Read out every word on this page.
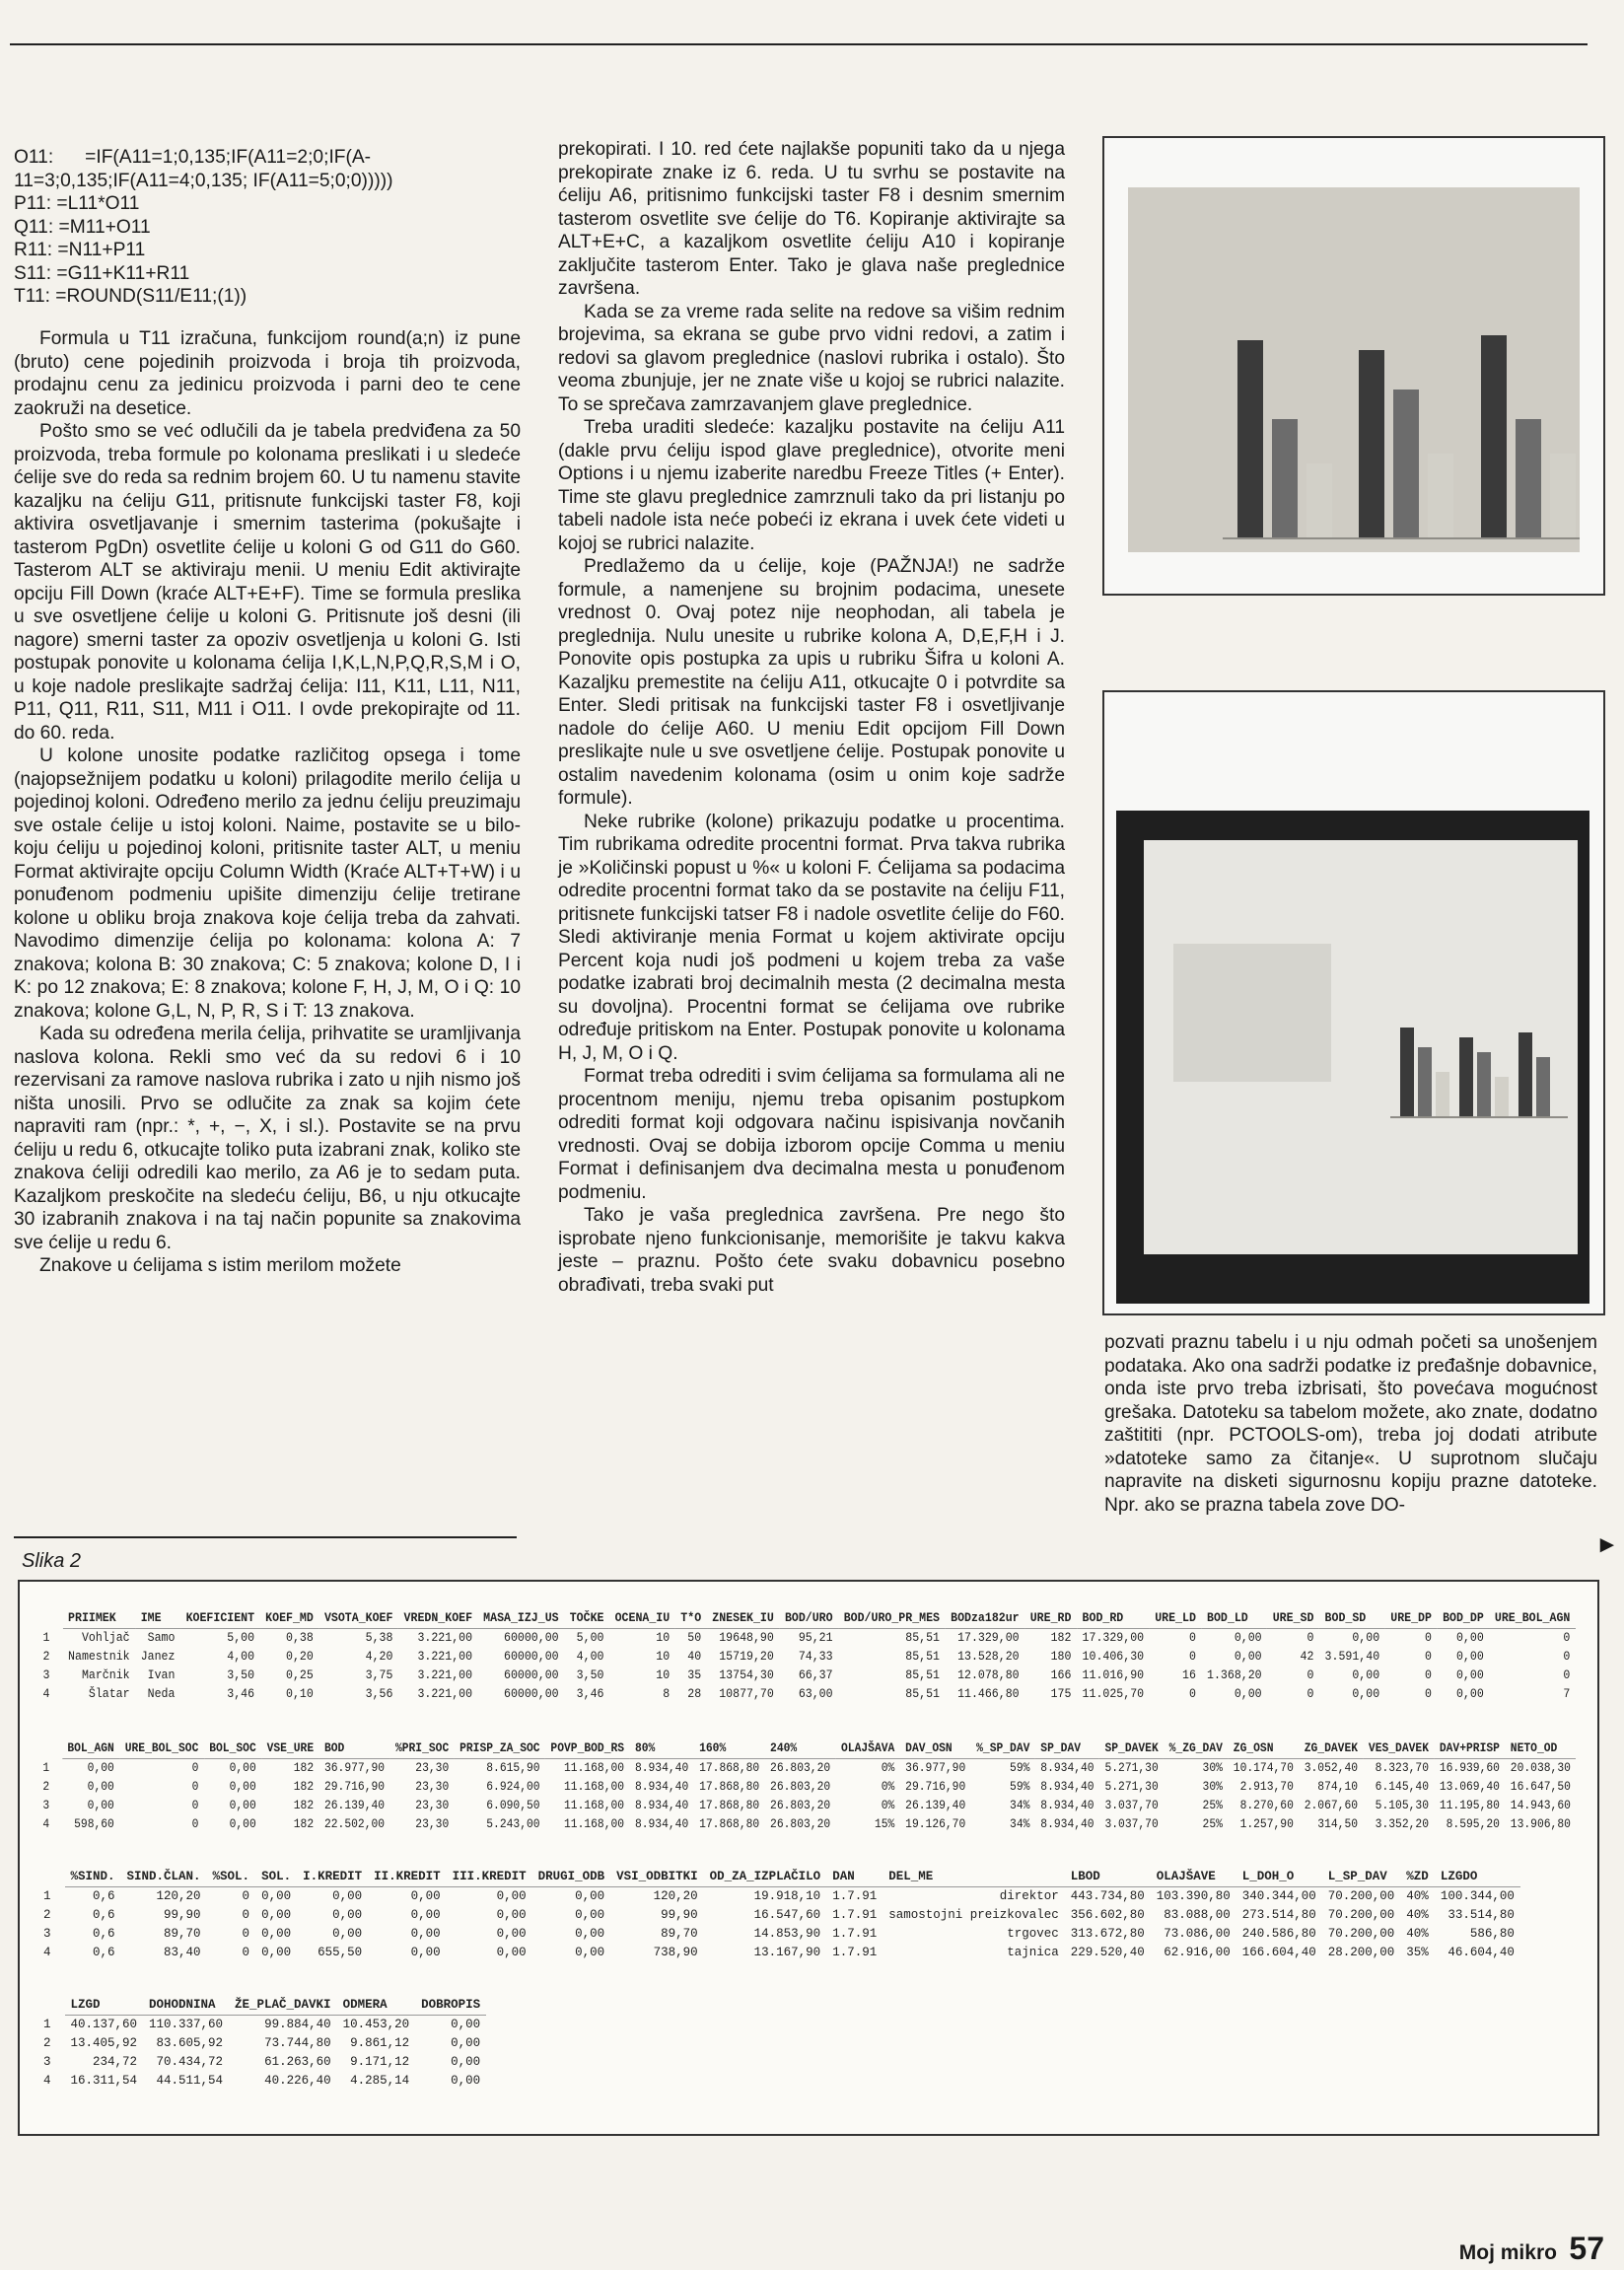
O11:      =IF(A11=1;0,135;IF(A11=2;0;IF(A-
11=3;0,135;IF(A11=4;0,135; IF(A11=5;0;0)))))
P11: =L11*O11
Q11: =M11+O11
R11: =N11+P11
S11: =G11+K11+R11
T11: =ROUND(S11/E11;(1))

Formula u T11 izračuna, funkcijom round(a;n) iz pune (bruto) cene pojedinih proizvoda i broja tih proizvoda, prodajnu cenu za jedinicu proizvoda i parni deo te cene zaokruži na desetice.

Pošto smo se već odlučili da je tabela predviđena za 50 proizvoda, treba formule po kolonama preslikati i u sledeće ćelije sve do reda sa rednim brojem 60. U tu namenu stavite kazaljku na ćeliju G11, pritisnute funkcijski taster F8, koji aktivira osvetljavanje i smernim tasterima (pokušajte i tasterom PgDn) osvetlite ćelije u koloni G od G11 do G60. Tasterom ALT se aktiviraju menii. U meniu Edit aktivirajte opciju Fill Down (kraće ALT+E+F). Time se formula preslika u sve osvetljene ćelije u koloni G. Pritisnute još desni (ili nagore) smerni taster za opoziv osvetljenja u koloni G. Isti postupak ponovite u kolonama ćelija I,K,L,N,P,Q,R,S,M i O, u koje nadole preslikajte sadržaj ćelija: I11, K11, L11, N11, P11, Q11, R11, S11, M11 i O11. I ovde prekopirajte od 11. do 60. reda.

U kolone unosite podatke različitog opsega i tome (najopsežnijem podatku u koloni) prilagodite merilo ćelija u pojedinoj koloni. Određeno merilo za jednu ćeliju preuzimaju sve ostale ćelije u istoj koloni. Naime, postavite se u bilo-koju ćeliju u pojedinoj koloni, pritisnite taster ALT, u meniu Format aktivirajte opciju Column Width (Kraće ALT+T+W) i u ponuđenom podmeniu upišite dimenziju ćelije tretirane kolone u obliku broja znakova koje ćelija treba da zahvati. Navodimo dimenzije ćelija po kolonama: kolona A: 7 znakova; kolona B: 30 znakova; C: 5 znakova; kolone D, I i K: po 12 znakova; E: 8 znakova; kolone F, H, J, M, O i Q: 10 znakova; kolone G,L, N, P, R, S i T: 13 znakova.

Kada su određena merila ćelija, prihvatite se uramljivanja naslova kolona. Rekli smo već da su redovi 6 i 10 rezervisani za ramove naslova rubrika i zato u njih nismo još ništa unosili. Prvo se odlučite za znak sa kojim ćete napraviti ram (npr.: *, +, −, X, i sl.). Postavite se na prvu ćeliju u redu 6, otkucajte toliko puta izabrani znak, koliko ste znakova ćeliji odredili kao merilo, za A6 je to sedam puta. Kazaljkom preskočite na sledeću ćeliju, B6, u nju otkucajte 30 izabranih znakova i na taj način popunite sa znakovima sve ćelije u redu 6.

Znakove u ćelijama s istim merilom možete

prekopirati. I 10. red ćete najlakše popuniti tako da u njega prekopirate znake iz 6. reda. U tu svrhu se postavite na ćeliju A6, pritisnimo funkcijski taster F8 i desnim smernim tasterom osvetlite sve ćelije do T6. Kopiranje aktivirajte sa ALT+E+C, a kazaljkom osvetlite ćeliju A10 i kopiranje zaključite tasterom Enter. Tako je glava naše preglednice završena.

Kada se za vreme rada selite na redove sa višim rednim brojevima, sa ekrana se gube prvo vidni redovi, a zatim i redovi sa glavom preglednice (naslovi rubrika i ostalo). Što veoma zbunjuje, jer ne znate više u kojoj se rubrici nalazite. To se sprečava zamrzavanjem glave preglednice.

Treba uraditi sledeće: kazaljku postavite na ćeliju A11 (dakle prvu ćeliju ispod glave preglednice), otvorite meni Options i u njemu izaberite naredbu Freeze Titles (+ Enter). Time ste glavu preglednice zamrznuli tako da pri listanju po tabeli nadole ista neće pobeći iz ekrana i uvek ćete videti u kojoj se rubrici nalazite.

Predlažemo da u ćelije, koje (PAŽNJA!) ne sadrže formule, a namenjene su brojnim podacima, unesete vrednost 0. Ovaj potez nije neophodan, ali tabela je preglednija. Nulu unesite u rubrike kolona A, D,E,F,H i J. Ponovite opis postupka za upis u rubriku Šifra u koloni A. Kazaljku premestite na ćeliju A11, otkucajte 0 i potvrdite sa Enter. Sledi pritisak na funkcijski taster F8 i osvetljivanje nadole do ćelije A60. U meniu Edit opcijom Fill Down preslikajte nule u sve osvetljene ćelije. Postupak ponovite u ostalim navedenim kolonama (osim u onim koje sadrže formule).

Neke rubrike (kolone) prikazuju podatke u procentima. Tim rubrikama odredite procentni format. Prva takva rubrika je »Količinski popust u %« u koloni F. Ćelijama sa podacima odredite procentni format tako da se postavite na ćeliju F11, pritisnete funkcijski tatser F8 i nadole osvetlite ćelije do F60. Sledi aktiviranje menia Format u kojem aktivirate opciju Percent koja nudi još podmeni u kojem treba za vaše podatke izabrati broj decimalnih mesta (2 decimalna mesta su dovoljna). Procentni format se ćelijama ove rubrike određuje pritiskom na Enter. Postupak ponovite u kolonama H, J, M, O i Q.

Format treba odrediti i svim ćelijama sa formulama ali ne procentnom meniju, njemu treba opisanim postupkom odrediti format koji odgovara načinu ispisivanja novčanih vrednosti. Ovaj se dobija izborom opcije Comma u meniu Format i definisanjem dva decimalna mesta u ponuđenom podmeniu.

Tako je vaša preglednica završena. Pre nego što isprobate njeno funkcionisanje, memorišite je takvu kakva jeste – praznu. Pošto ćete svaku dobavnicu posebno obrađivati, treba svaki put

pozvati praznu tabelu i u nju odmah početi sa unošenjem podataka. Ako ona sadrži podatke iz pređašnje dobavnice, onda iste prvo treba izbrisati, što povećava mogućnost grešaka. Datoteku sa tabelom možete, ako znate, dodatno zaštititi (npr. PCTOOLS-om), treba joj dodati atribute »datoteke samo za čitanje«. U suprotnom slučaju napravite na disketi sigurnosnu kopiju prazne datoteke. Npr. ako se prazna tabela zove DO-

►
Slika 2
	PRIIMEK	IME	KOEFICIENT	KOEF_MD	VSOTA_KOEF	VREDN_KOEF	MASA_IZJ_US	TOČKE	OCENA_IU	T*O	ZNESEK_IU	BOD/URO	BOD/URO_PR_MES	BODza182ur	URE_RD	BOD_RD	URE_LD	BOD_LD	URE_SD	BOD_SD	URE_DP	BOD_DP	URE_BOL_AGN
1	Vohljač	Samo	5,00	0,38	5,38	3.221,00	60000,00	5,00	10	50	19648,90	95,21	85,51	17.329,00	182	17.329,00	0	0,00	0	0,00	0	0,00	0
2	Namestnik	Janez	4,00	0,20	4,20	3.221,00	60000,00	4,00	10	40	15719,20	74,33	85,51	13.528,20	180	10.406,30	0	0,00	42	3.591,40	0	0,00	0
3	Marčnik	Ivan	3,50	0,25	3,75	3.221,00	60000,00	3,50	10	35	13754,30	66,37	85,51	12.078,80	166	11.016,90	16	1.368,20	0	0,00	0	0,00	0
4	Šlatar	Neda	3,46	0,10	3,56	3.221,00	60000,00	3,46	8	28	10877,70	63,00	85,51	11.466,80	175	11.025,70	0	0,00	0	0,00	0	0,00	7
	BOL_AGN	URE_BOL_SOC	BOL_SOC	VSE_URE	BOD	%PRI_SOC	PRISP_ZA_SOC	POVP_BOD_RS	80%	160%	240%	OLAJŠAVA	DAV_OSN	%_SP_DAV	SP_DAV	SP_DAVEK	%_ZG_DAV	ZG_OSN	ZG_DAVEK	VES_DAVEK	DAV+PRISP	NETO_OD
1	0,00	0	0,00	182	36.977,90	23,30	8.615,90	11.168,00	8.934,40	17.868,80	26.803,20	0%	36.977,90	59%	8.934,40	5.271,30	30%	10.174,70	3.052,40	8.323,70	16.939,60	20.038,30
2	0,00	0	0,00	182	29.716,90	23,30	6.924,00	11.168,00	8.934,40	17.868,80	26.803,20	0%	29.716,90	59%	8.934,40	5.271,30	30%	2.913,70	874,10	6.145,40	13.069,40	16.647,50
3	0,00	0	0,00	182	26.139,40	23,30	6.090,50	11.168,00	8.934,40	17.868,80	26.803,20	0%	26.139,40	34%	8.934,40	3.037,70	25%	8.270,60	2.067,60	5.105,30	11.195,80	14.943,60
4	598,60	0	0,00	182	22.502,00	23,30	5.243,00	11.168,00	8.934,40	17.868,80	26.803,20	15%	19.126,70	34%	8.934,40	3.037,70	25%	1.257,90	314,50	3.352,20	8.595,20	13.906,80
	%SIND.	SIND.ČLAN.	%SOL.	SOL.	I.KREDIT	II.KREDIT	III.KREDIT	DRUGI_ODB	VSI_ODBITKI	OD_ZA_IZPLAČILO	DAN	DEL_ME	LBOD	OLAJŠAVE	L_DOH_O	L_SP_DAV	%ZD	LZGDO
1	0,6	120,20	0	0,00	0,00	0,00	0,00	0,00	120,20	19.918,10	1.7.91	direktor	443.734,80	103.390,80	340.344,00	70.200,00	40%	100.344,00
2	0,6	99,90	0	0,00	0,00	0,00	0,00	0,00	99,90	16.547,60	1.7.91	samostojni preizkovalec	356.602,80	83.088,00	273.514,80	70.200,00	40%	33.514,80
3	0,6	89,70	0	0,00	0,00	0,00	0,00	0,00	89,70	14.853,90	1.7.91	trgovec	313.672,80	73.086,00	240.586,80	70.200,00	40%	586,80
4	0,6	83,40	0	0,00	655,50	0,00	0,00	0,00	738,90	13.167,90	1.7.91	tajnica	229.520,40	62.916,00	166.604,40	28.200,00	35%	46.604,40
	LZGD	DOHODNINA	ŽE_PLAČ_DAVKI	ODMERA	DOBROPIS
1	40.137,60	110.337,60	99.884,40	10.453,20	0,00
2	13.405,92	83.605,92	73.744,80	9.861,12	0,00
3	234,72	70.434,72	61.263,60	9.171,12	0,00
4	16.311,54	44.511,54	40.226,40	4.285,14	0,00
Moj mikro 57
